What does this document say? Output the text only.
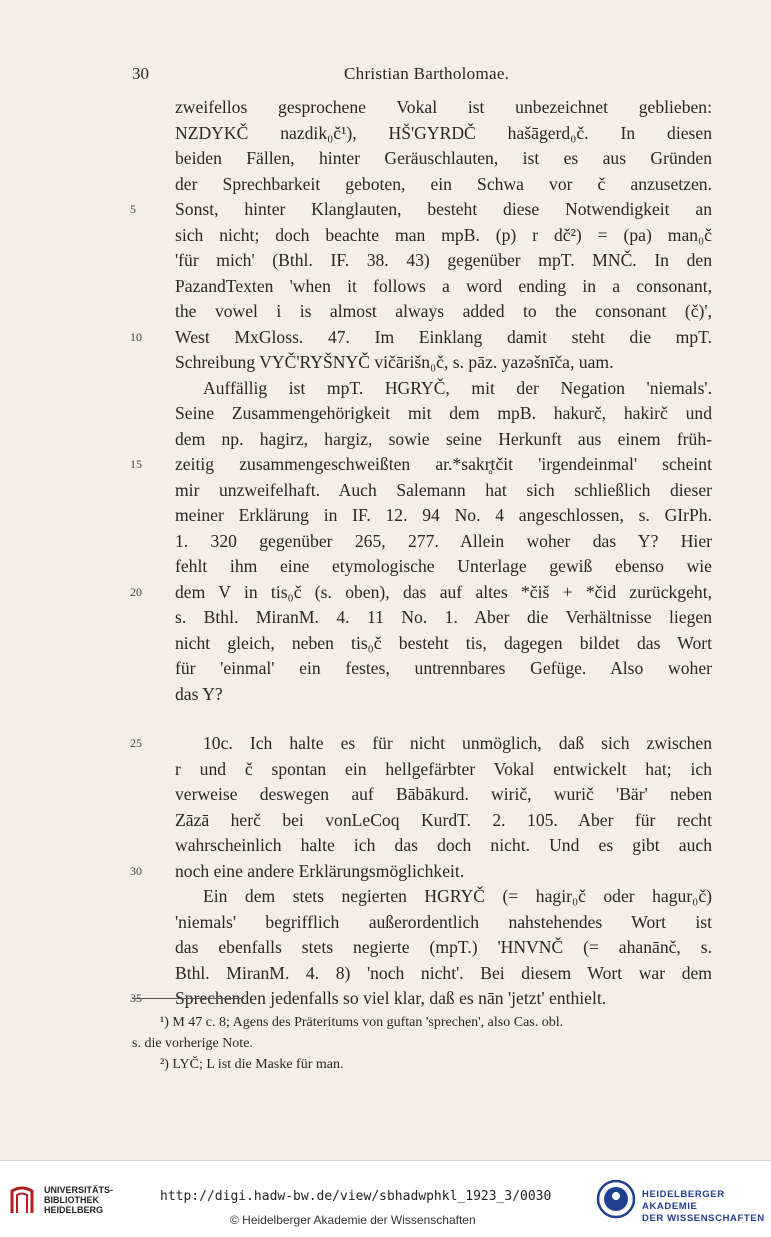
30	Christian Bartholomae.
zweifellos gesprochene Vokal ist unbezeichnet geblieben:
NZDYKČ nazdik₀č¹), HŠ'GYRDČ hašāgerd₀č. In diesen
beiden Fällen, hinter Geräuschlauten, ist es aus Gründen
der Sprechbarkeit geboten, ein Schwa vor č anzusetzen.
Sonst, hinter Klanglauten, besteht diese Notwendigkeit an
5
sich nicht; doch beachte man mpB. (p) r dč²) = (pa) man₀č
'für mich' (Bthl. IF. 38. 43) gegenüber mpT. MNČ. In den
PazandTexten 'when it follows a word ending in a consonant,
the vowel i is almost always added to the consonant (č)',
West MxGloss. 47. Im Einklang damit steht die mpT.
10
Schreibung VYČ'RYŠNYČ vičārišn₀č, s. pāz. yazəšnīča, uam.
Auffällig ist mpT. HGRYČ, mit der Negation 'niemals'.
Seine Zusammengehörigkeit mit dem mpB. hakurč, hakirč und
dem np. hagirz, hargiz, sowie seine Herkunft aus einem früh-
zeitig zusammengeschweißten ar.*sakr̥tčit 'irgendeinmal' scheint
15
mir unzweifelhaft. Auch Salemann hat sich schließlich dieser
meiner Erklärung in IF. 12. 94 No. 4 angeschlossen, s. GIrPh.
1. 320 gegenüber 265, 277. Allein woher das Y? Hier
fehlt ihm eine etymologische Unterlage gewiß ebenso wie
dem V in tis₀č (s. oben), das auf altes *čiš + *čid zurückgeht,
20
s. Bthl. MiranM. 4. 11 No. 1. Aber die Verhältnisse liegen
nicht gleich, neben tis₀č besteht tis, dagegen bildet das Wort
für 'einmal' ein festes, untrennbares Gefüge. Also woher
das Y?
10c. Ich halte es für nicht unmöglich, daß sich zwischen
25
r und č spontan ein hellgefärbter Vokal entwickelt hat; ich
verweise deswegen auf Bābākurd. wirič, wurič 'Bär' neben
Zāzā herč bei vonLeCoq KurdT. 2. 105. Aber für recht
wahrscheinlich halte ich das doch nicht. Und es gibt auch
noch eine andere Erklärungsmöglichkeit.
30
Ein dem stets negierten HGRYČ (= hagir₀č oder hagur₀č)
'niemals' begrifflich außerordentlich nahstehendes Wort ist
das ebenfalls stets negierte (mpT.) 'HNVNČ (= ahanānč, s.
Bthl. MiranM. 4. 8) 'noch nicht'. Bei diesem Wort war dem
Sprechenden jedenfalls so viel klar, daß es nān 'jetzt' enthielt.
35
¹) M 47 c. 8; Agens des Präteritums von guftan 'sprechen', also Cas. obl.
s. die vorherige Note.
²) LYČ; L ist die Maske für man.
UNIVERSITÄTS-
BIBLIOTHEK
HEIDELBERG
http://digi.hadw-bw.de/view/sbhadwphkl_1923_3/0030
© Heidelberger Akademie der Wissenschaften
HEIDELBERGER AKADEMIE
DER WISSENSCHAFTEN
